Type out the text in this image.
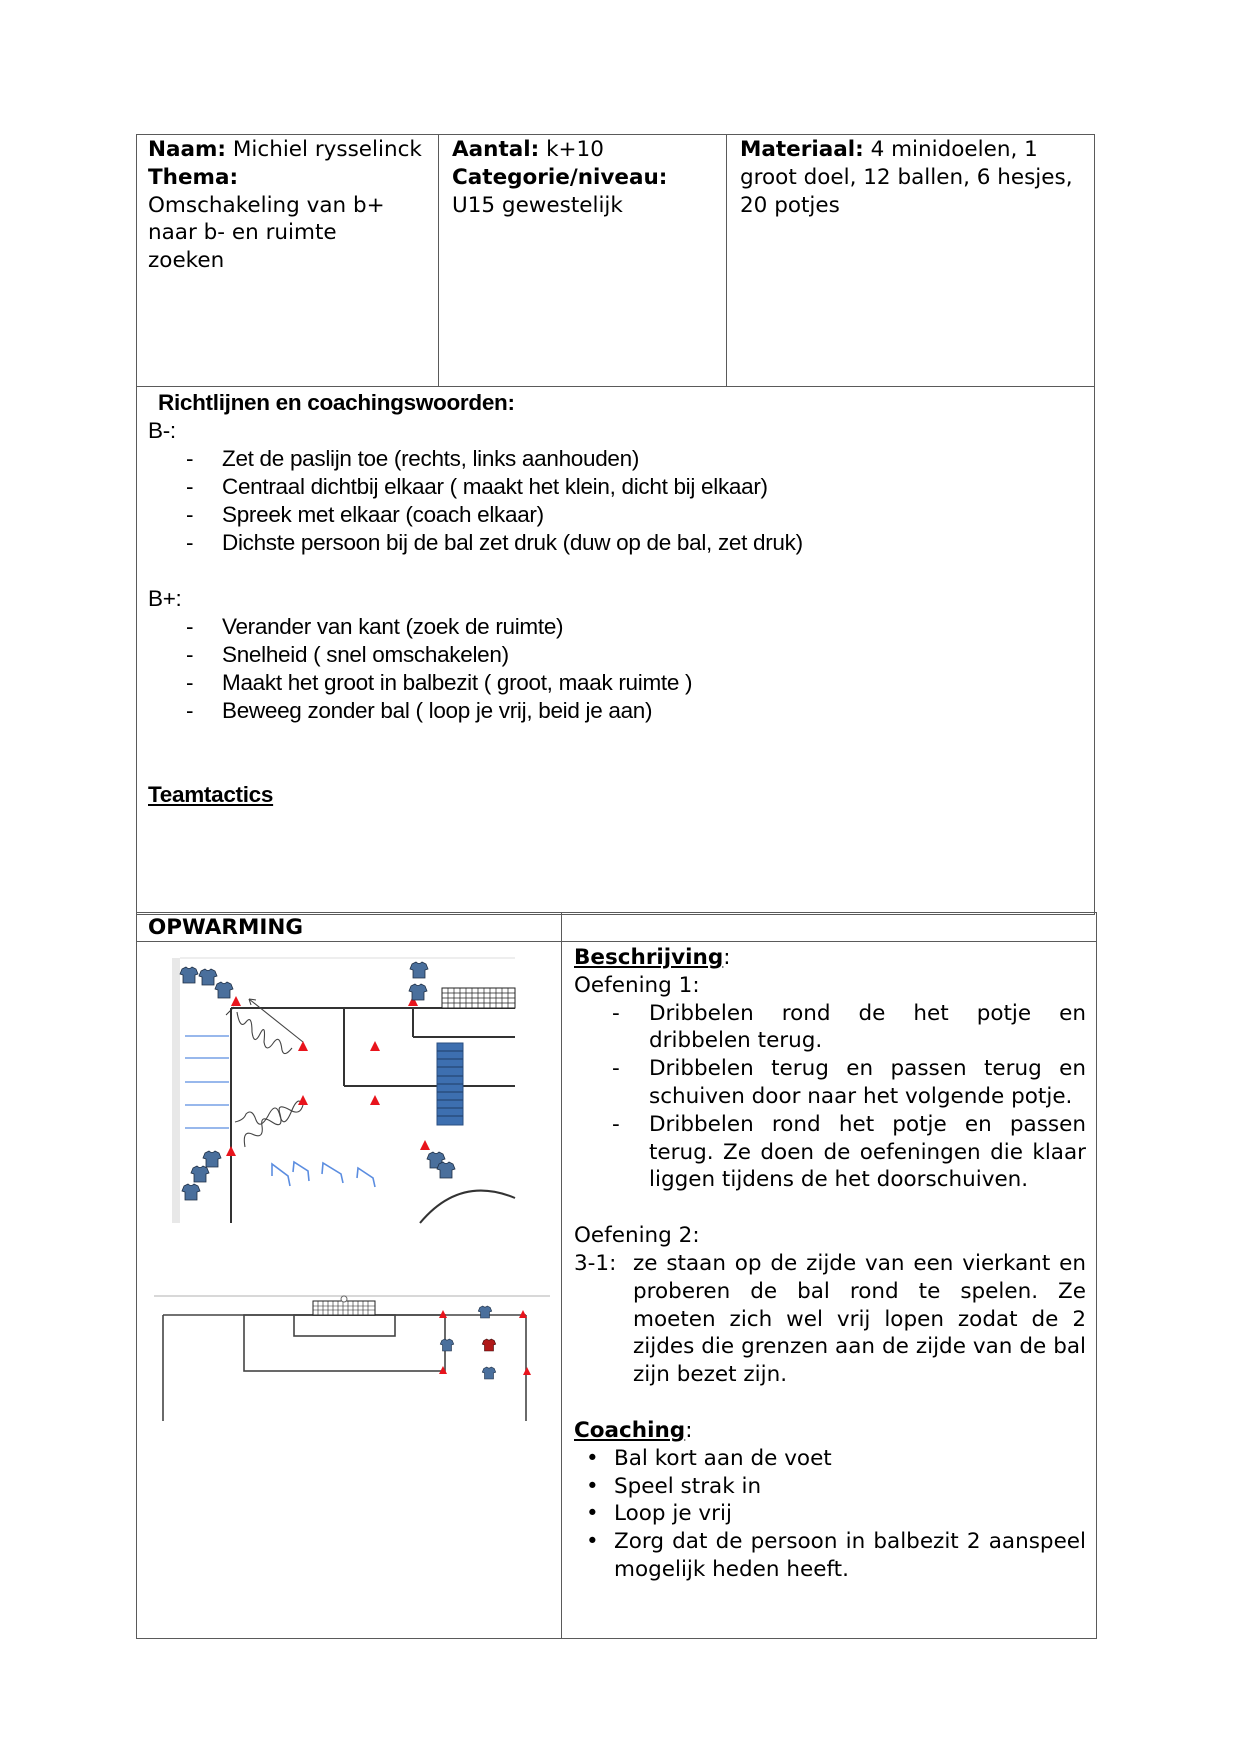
Naam: Michiel rysselinck
Thema:
Omschakeling van b+ naar b- en ruimte zoeken
Aantal: k+10
Categorie/niveau:
U15 gewestelijk
Materiaal: 4 minidoelen, 1 groot doel, 12 ballen, 6 hesjes, 20 potjes
Richtlijnen en coachingswoorden:
B-:
- Zet de paslijn toe (rechts, links aanhouden)
- Centraal dichtbij elkaar ( maakt het klein, dicht bij elkaar)
- Spreek met elkaar (coach elkaar)
- Dichste persoon bij de bal zet druk (duw op de bal, zet druk)
B+:
- Verander van kant (zoek de ruimte)
- Snelheid ( snel omschakelen)
- Maakt het groot in balbezit ( groot, maak ruimte )
- Beweeg zonder bal ( loop je vrij, beid je aan)
Teamtactics
OPWARMING
Beschrijving:
Oefening 1:
- Dribbelen rond de het potje en dribbelen terug.
- Dribbelen terug en passen terug en schuiven door naar het volgende potje.
- Dribbelen rond het potje en passen terug. Ze doen de oefeningen die klaar liggen tijdens de het doorschuiven.
Oefening 2:
3-1: ze staan op de zijde van een vierkant en proberen de bal rond te spelen. Ze moeten zich wel vrij lopen zodat de 2 zijdes die grenzen aan de zijde van de bal zijn bezet zijn.
Coaching:
• Bal kort aan de voet
• Speel strak in
• Loop je vrij
• Zorg dat de persoon in balbezit 2 aanspeel mogelijk heden heeft.
